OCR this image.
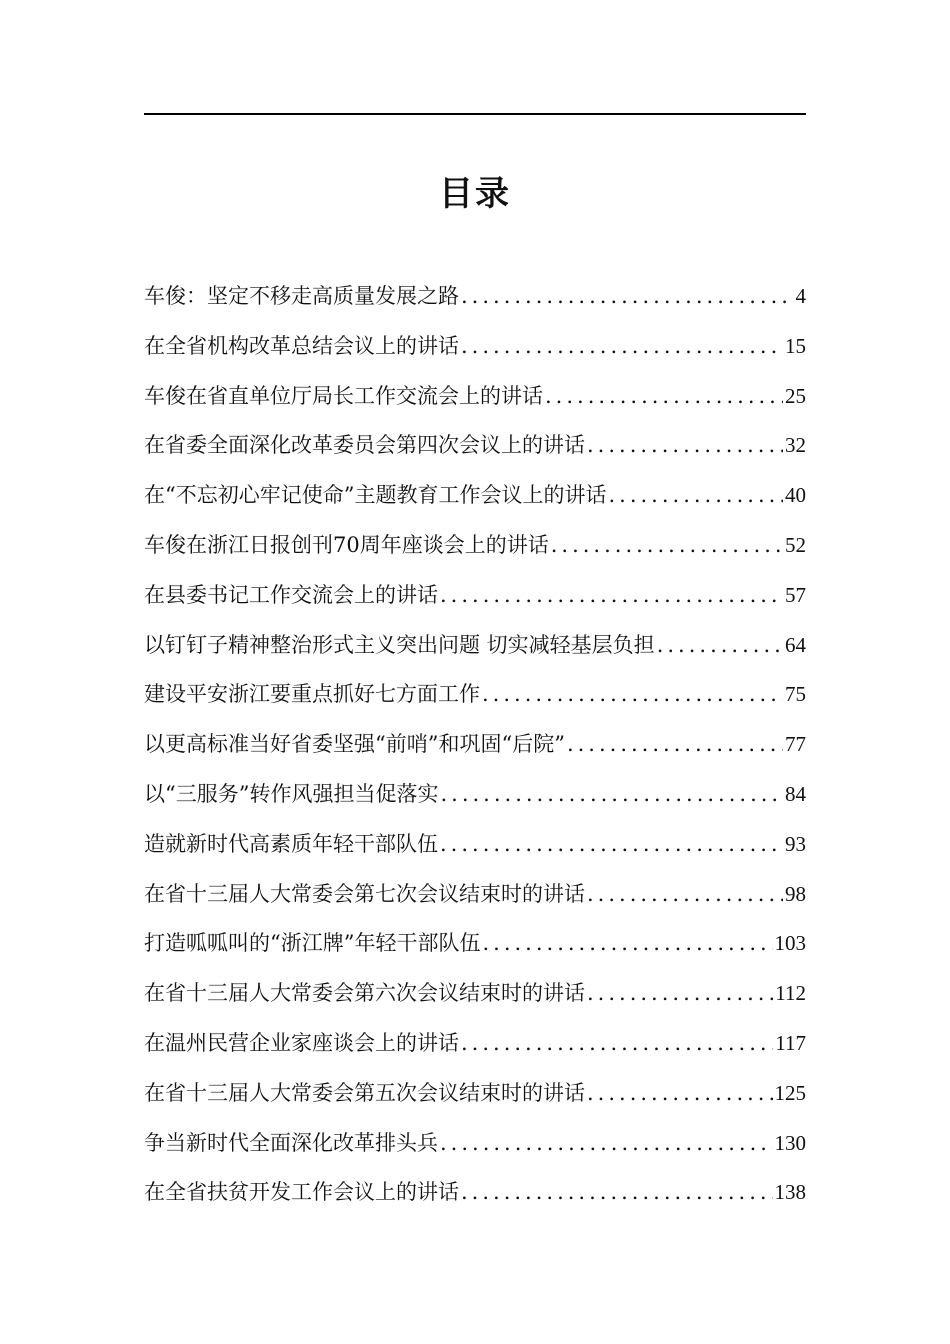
目录
车俊：坚定不移走高质量发展之路 .....	4
在全省机构改革总结会议上的讲话 .....	15
车俊在省直单位厅局长工作交流会上的讲话 .....	25
在省委全面深化改革委员会第四次会议上的讲话 .....	32
在“不忘初心牢记使命”主题教育工作会议上的讲话 .....	40
车俊在浙江日报创刊70周年座谈会上的讲话 .....	52
在县委书记工作交流会上的讲话 .....	57
以钉钉子精神整治形式主义突出问题 切实减轻基层负担 .....	64
建设平安浙江要重点抓好七方面工作 .....	75
以更高标准当好省委坚强“前哨”和巩固“后院” .....	77
以“三服务”转作风强担当促落实 .....	84
造就新时代高素质年轻干部队伍 .....	93
在省十三届人大常委会第七次会议结束时的讲话 .....	98
打造呱呱叫的“浙江牌”年轻干部队伍 .....	103
在省十三届人大常委会第六次会议结束时的讲话 .....	112
在温州民营企业家座谈会上的讲话 .....	117
在省十三届人大常委会第五次会议结束时的讲话 .....	125
争当新时代全面深化改革排头兵 .....	130
在全省扶贫开发工作会议上的讲话 .....	138
